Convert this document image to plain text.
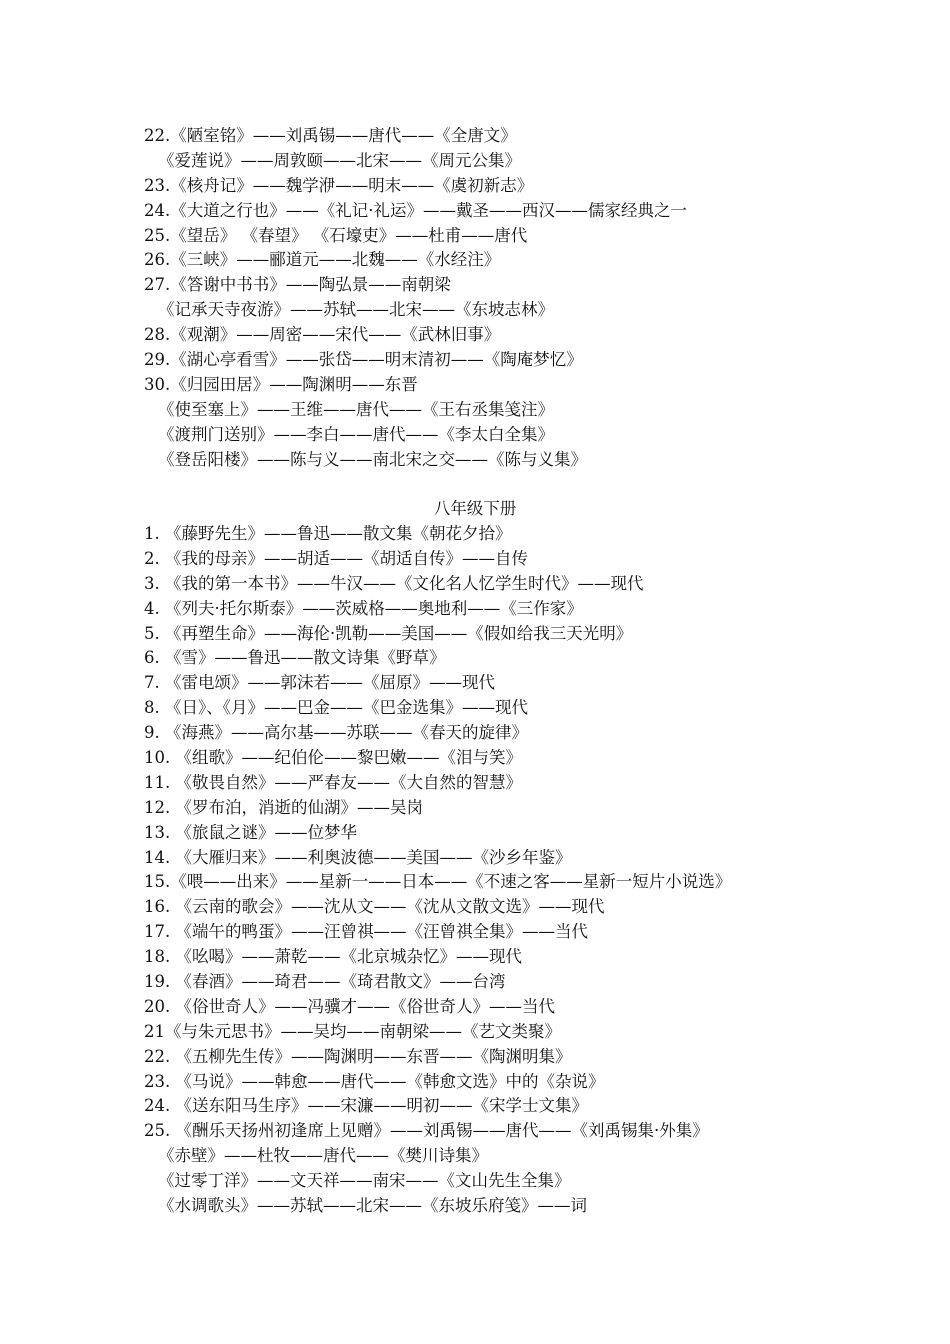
22.《陋室铭》——刘禹锡——唐代——《全唐文》
《爱莲说》——周敦颐——北宋——《周元公集》
23.《核舟记》——魏学洢——明末——《虞初新志》
24.《大道之行也》——《礼记·礼运》——戴圣——西汉——儒家经典之一
25.《望岳》 《春望》 《石壕吏》——杜甫——唐代
26.《三峡》——郦道元——北魏——《水经注》
27.《答谢中书书》——陶弘景——南朝梁
《记承天寺夜游》——苏轼——北宋——《东坡志林》
28.《观潮》——周密——宋代——《武林旧事》
29.《湖心亭看雪》——张岱——明末清初——《陶庵梦忆》
30.《归园田居》——陶渊明——东晋
《使至塞上》——王维——唐代——《王右丞集笺注》
《渡荆门送别》——李白——唐代——《李太白全集》
《登岳阳楼》——陈与义——南北宋之交——《陈与义集》
八年级下册
1. 《藤野先生》——鲁迅——散文集《朝花夕拾》
2. 《我的母亲》——胡适——《胡适自传》——自传
3. 《我的第一本书》——牛汉——《文化名人忆学生时代》——现代
4. 《列夫·托尔斯泰》——茨威格——奥地利——《三作家》
5. 《再塑生命》——海伦·凯勒——美国——《假如给我三天光明》
6. 《雪》——鲁迅——散文诗集《野草》
7. 《雷电颂》——郭沫若——《屈原》——现代
8. 《日》、《月》——巴金——《巴金选集》——现代
9. 《海燕》——高尔基——苏联——《春天的旋律》
10. 《组歌》——纪伯伦——黎巴嫩——《泪与笑》
11. 《敬畏自然》——严春友——《大自然的智慧》
12. 《罗布泊，消逝的仙湖》——吴岗
13. 《旅鼠之谜》——位梦华
14. 《大雁归来》——利奥波德——美国——《沙乡年鉴》
15.《喂——出来》——星新一——日本——《不速之客——星新一短片小说选》
16. 《云南的歌会》——沈从文——《沈从文散文选》——现代
17. 《端午的鸭蛋》——汪曾祺——《汪曾祺全集》——当代
18. 《吆喝》——萧乾——《北京城杂忆》——现代
19. 《春酒》——琦君——《琦君散文》——台湾
20. 《俗世奇人》——冯骥才——《俗世奇人》——当代
21《与朱元思书》——吴均——南朝梁——《艺文类聚》
22. 《五柳先生传》——陶渊明——东晋——《陶渊明集》
23. 《马说》——韩愈——唐代——《韩愈文选》中的《杂说》
24. 《送东阳马生序》——宋濂——明初——《宋学士文集》
25. 《酬乐天扬州初逢席上见赠》——刘禹锡——唐代——《刘禹锡集·外集》
《赤壁》——杜牧——唐代——《樊川诗集》
《过零丁洋》——文天祥——南宋——《文山先生全集》
《水调歌头》——苏轼——北宋——《东坡乐府笺》——词
